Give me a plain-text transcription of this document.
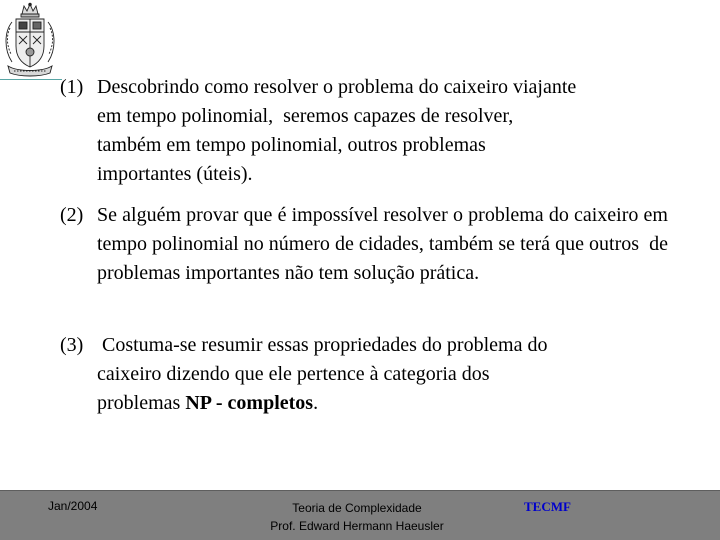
(1) Descobrindo como resolver o problema do caixeiro viajante
em tempo polinomial,  seremos capazes de resolver,
também em tempo polinomial, outros problemas
importantes (úteis).
(2) Se alguém provar que é impossível resolver o problema do caixeiro em tempo polinomial no número de cidades, também se terá que outros  de problemas importantes não tem solução prática.
(3) Costuma-se resumir essas propriedades do problema do
caixeiro dizendo que ele pertence à categoria dos
problemas NP - completos.
Jan/2004	Teoria de Complexidade
Prof. Edward Hermann Haeusler
TECMF
